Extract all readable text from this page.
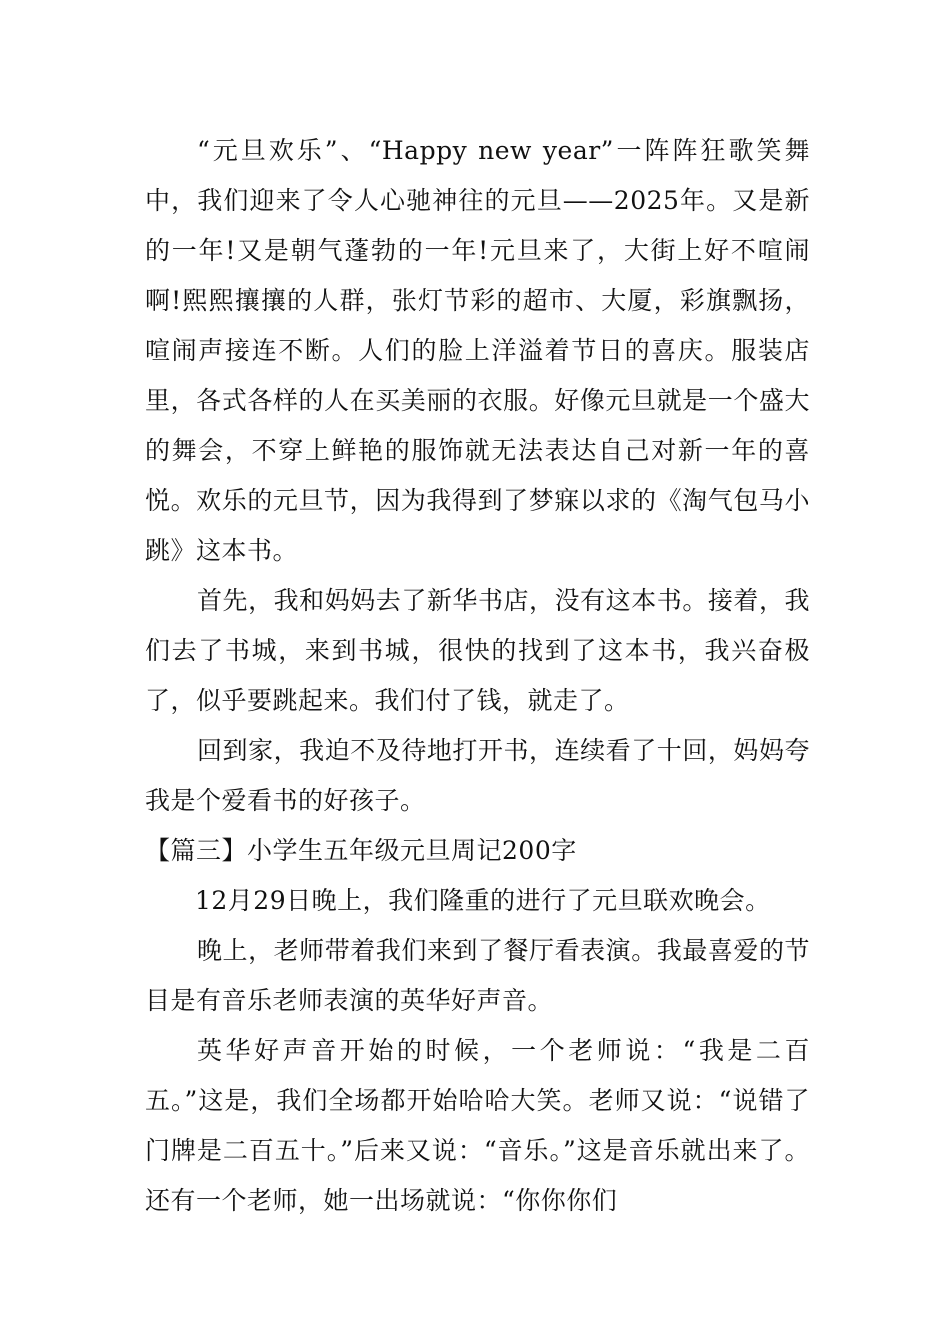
“元旦欢乐”、“Happy new year”一阵阵狂歌笑舞中，我们迎来了令人心驰神往的元旦——2025年。又是新的一年!又是朝气蓬勃的一年!元旦来了，大街上好不喧闹啊!熙熙攘攘的人群，张灯节彩的超市、大厦，彩旗飘扬，喧闹声接连不断。人们的脸上洋溢着节日的喜庆。服装店里，各式各样的人在买美丽的衣服。好像元旦就是一个盛大的舞会，不穿上鲜艳的服饰就无法表达自己对新一年的喜悦。欢乐的元旦节，因为我得到了梦寐以求的《淘气包马小跳》这本书。

首先，我和妈妈去了新华书店，没有这本书。接着，我们去了书城，来到书城，很快的找到了这本书，我兴奋极了，似乎要跳起来。我们付了钱，就走了。

回到家，我迫不及待地打开书，连续看了十回，妈妈夸我是个爱看书的好孩子。

【篇三】小学生五年级元旦周记200字

12月29日晚上，我们隆重的进行了元旦联欢晚会。

晚上，老师带着我们来到了餐厅看表演。我最喜爱的节目是有音乐老师表演的英华好声音。

英华好声音开始的时候，一个老师说：“我是二百五。”这是，我们全场都开始哈哈大笑。老师又说：“说错了门牌是二百五十。”后来又说：“音乐。”这是音乐就出来了。还有一个老师，她一出场就说：“你你你们
